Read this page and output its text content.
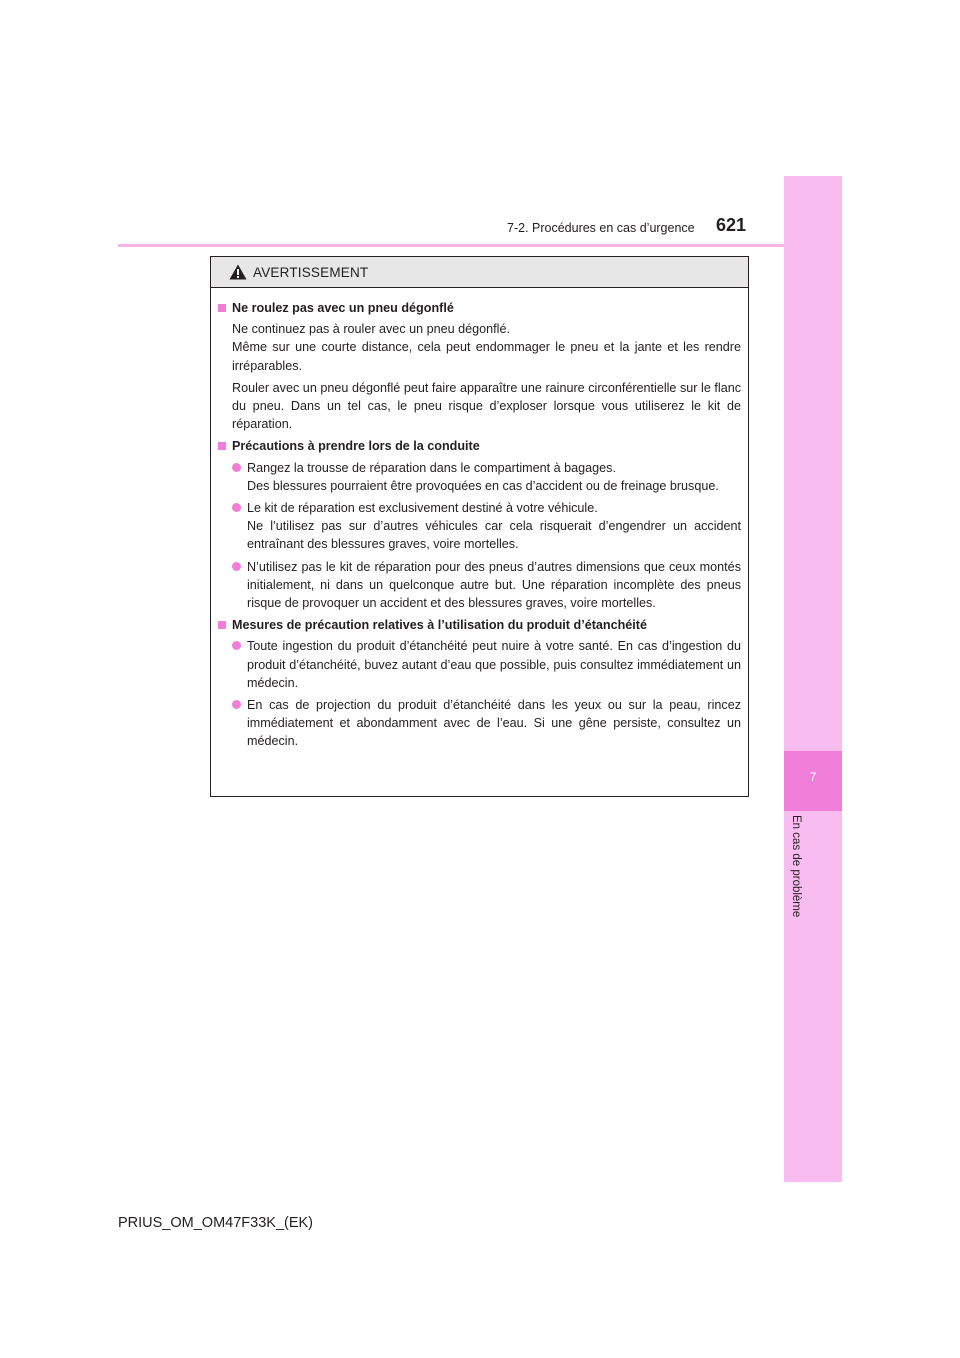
7-2. Procédures en cas d’urgence 621
7
En cas de problème
AVERTISSEMENT
Ne roulez pas avec un pneu dégonflé
Ne continuez pas à rouler avec un pneu dégonflé.
Même sur une courte distance, cela peut endommager le pneu et la jante et les rendre irréparables.
Rouler avec un pneu dégonflé peut faire apparaître une rainure circonférentielle sur le flanc du pneu. Dans un tel cas, le pneu risque d’exploser lorsque vous utiliserez le kit de réparation.
Précautions à prendre lors de la conduite
Rangez la trousse de réparation dans le compartiment à bagages.
Des blessures pourraient être provoquées en cas d’accident ou de freinage brusque.
Le kit de réparation est exclusivement destiné à votre véhicule.
Ne l’utilisez pas sur d’autres véhicules car cela risquerait d’engendrer un accident entraînant des blessures graves, voire mortelles.
N’utilisez pas le kit de réparation pour des pneus d’autres dimensions que ceux montés initialement, ni dans un quelconque autre but. Une réparation incomplète des pneus risque de provoquer un accident et des blessures graves, voire mortelles.
Mesures de précaution relatives à l’utilisation du produit d’étanchéité
Toute ingestion du produit d’étanchéité peut nuire à votre santé. En cas d’ingestion du produit d’étanchéité, buvez autant d’eau que possible, puis consultez immédiatement un médecin.
En cas de projection du produit d’étanchéité dans les yeux ou sur la peau, rincez immédiatement et abondamment avec de l’eau. Si une gêne persiste, consultez un médecin.
PRIUS_OM_OM47F33K_(EK)
